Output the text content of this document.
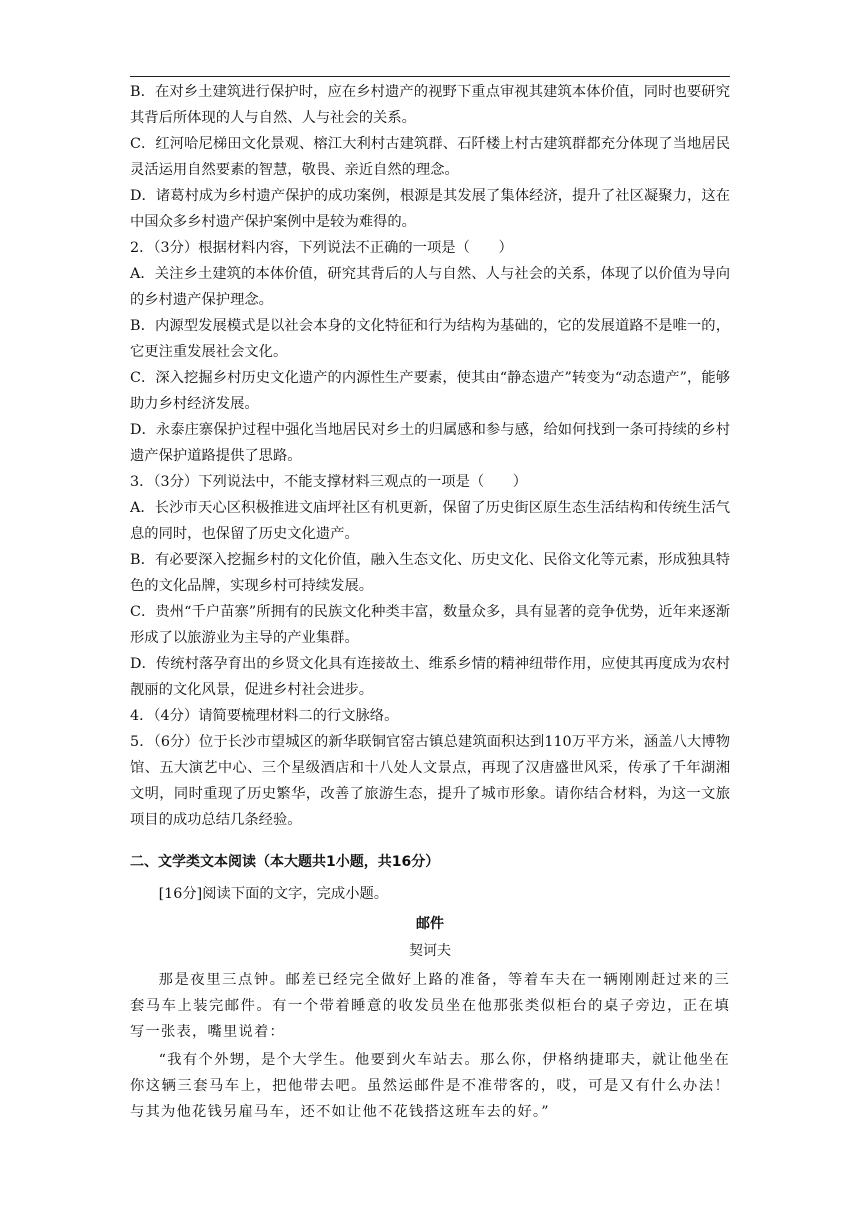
B．在对乡土建筑进行保护时，应在乡村遗产的视野下重点审视其建筑本体价值，同时也要研究其背后所体现的人与自然、人与社会的关系。

C．红河哈尼梯田文化景观、榕江大利村古建筑群、石阡楼上村古建筑群都充分体现了当地居民灵活运用自然要素的智慧，敬畏、亲近自然的理念。

D．诸葛村成为乡村遗产保护的成功案例，根源是其发展了集体经济，提升了社区凝聚力，这在中国众多乡村遗产保护案例中是较为难得的。

2．（3分）根据材料内容，下列说法不正确的一项是（　　）

A．关注乡土建筑的本体价值，研究其背后的人与自然、人与社会的关系，体现了以价值为导向的乡村遗产保护理念。

B．内源型发展模式是以社会本身的文化特征和行为结构为基础的，它的发展道路不是唯一的，它更注重发展社会文化。

C．深入挖掘乡村历史文化遗产的内源性生产要素，使其由“静态遗产”转变为“动态遗产”，能够助力乡村经济发展。

D．永泰庄寨保护过程中强化当地居民对乡土的归属感和参与感，给如何找到一条可持续的乡村遗产保护道路提供了思路。

3．（3分）下列说法中，不能支撑材料三观点的一项是（　　）

A．长沙市天心区积极推进文庙坪社区有机更新，保留了历史街区原生态生活结构和传统生活气息的同时，也保留了历史文化遗产。

B．有必要深入挖掘乡村的文化价值，融入生态文化、历史文化、民俗文化等元素，形成独具特色的文化品牌，实现乡村可持续发展。

C．贵州“千户苗寨”所拥有的民族文化种类丰富，数量众多，具有显著的竞争优势，近年来逐渐形成了以旅游业为主导的产业集群。

D．传统村落孕育出的乡贤文化具有连接故土、维系乡情的精神纽带作用，应使其再度成为农村靓丽的文化风景，促进乡村社会进步。

4．（4分）请简要梳理材料二的行文脉络。

5．（6分）位于长沙市望城区的新华联铜官窑古镇总建筑面积达到110万平方米，涵盖八大博物馆、五大演艺中心、三个星级酒店和十八处人文景点，再现了汉唐盛世风采，传承了千年湖湘文明，同时重现了历史繁华，改善了旅游生态，提升了城市形象。请你结合材料，为这一文旅项目的成功总结几条经验。

二、文学类文本阅读（本大题共1小题，共16分）

[16分]阅读下面的文字，完成小题。

邮件

契诃夫

那是夜里三点钟。邮差已经完全做好上路的准备，等着车夫在一辆刚刚赶过来的三套马车上装完邮件。有一个带着睡意的收发员坐在他那张类似柜台的桌子旁边，正在填写一张表，嘴里说着：

“我有个外甥，是个大学生。他要到火车站去。那么你，伊格纳捷耶夫，就让他坐在你这辆三套马车上，把他带去吧。虽然运邮件是不准带客的，哎，可是又有什么办法！与其为他花钱另雇马车，还不如让他不花钱搭这班车去的好。”
